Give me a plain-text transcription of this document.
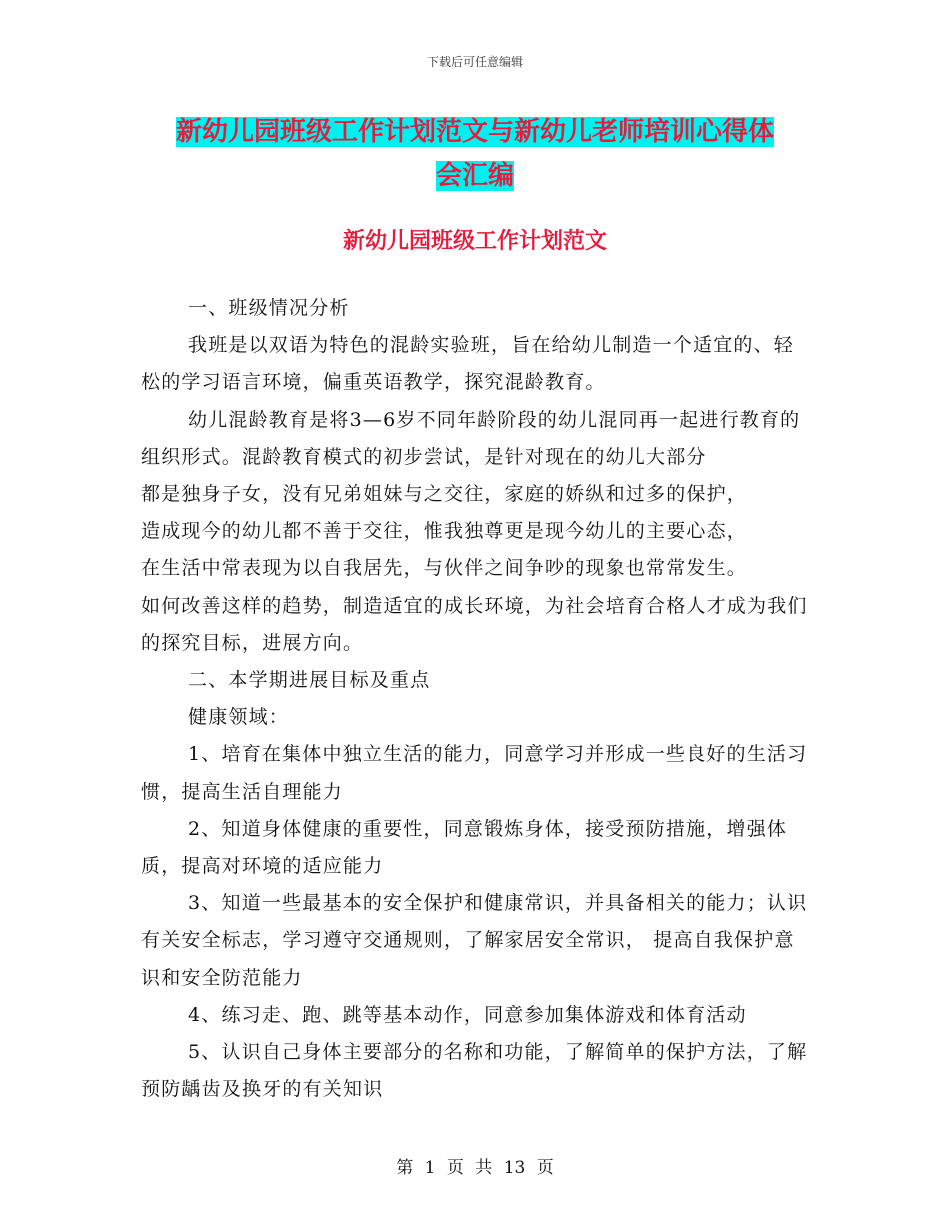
下载后可任意编辑
新幼儿园班级工作计划范文与新幼儿老师培训心得体
会汇编
新幼儿园班级工作计划范文

一、班级情况分析

我班是以双语为特色的混龄实验班，旨在给幼儿制造一个适宜的、轻松的学习语言环境，偏重英语教学，探究混龄教育。

幼儿混龄教育是将3—6岁不同年龄阶段的幼儿混同再一起进行教育的组织形式。混龄教育模式的初步尝试，是针对现在的幼儿大部分

都是独身子女，没有兄弟姐妹与之交往，家庭的娇纵和过多的保护，

造成现今的幼儿都不善于交往，惟我独尊更是现今幼儿的主要心态，

在生活中常表现为以自我居先，与伙伴之间争吵的现象也常常发生。

如何改善这样的趋势，制造适宜的成长环境，为社会培育合格人才成为我们的探究目标，进展方向。

二、本学期进展目标及重点

健康领域：

1、培育在集体中独立生活的能力，同意学习并形成一些良好的生活习惯，提高生活自理能力

2、知道身体健康的重要性，同意锻炼身体，接受预防措施，增强体质，提高对环境的适应能力

3、知道一些最基本的安全保护和健康常识，并具备相关的能力；认识有关安全标志，学习遵守交通规则，了解家居安全常识， 提高自我保护意识和安全防范能力

4、练习走、跑、跳等基本动作，同意参加集体游戏和体育活动

5、认识自己身体主要部分的名称和功能，了解简单的保护方法，了解预防龋齿及换牙的有关知识

第 1 页 共 13 页
